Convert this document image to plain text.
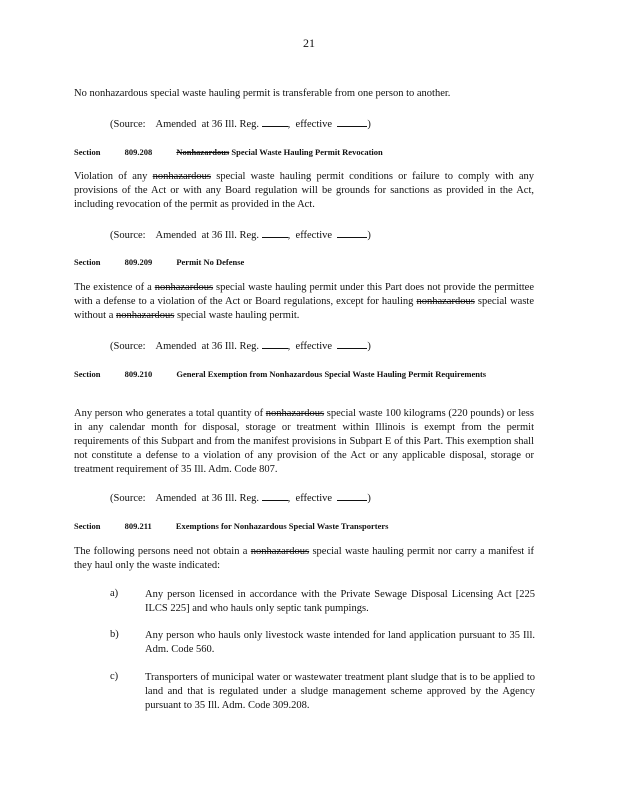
21
No nonhazardous special waste hauling permit is transferable from one person to another.
(Source: Amended at 36 Ill. Reg.	,  effective	)
Section	809.208	Nonhazardous Special Waste Hauling Permit Revocation
Violation of any nonhazardous special waste hauling permit conditions or failure to comply with any provisions of the Act or with any Board regulation will be grounds for sanctions as provided in the Act, including revocation of the permit as provided in the Act.
(Source: Amended at 36 Ill. Reg.	,  effective	)
Section	809.209	Permit No Defense
The existence of a nonhazardous special waste hauling permit under this Part does not provide the permittee with a defense to a violation of the Act or Board regulations, except for hauling nonhazardous special waste without a nonhazardous special waste hauling permit.
(Source: Amended at 36 Ill. Reg.	,  effective	)
Section	809.210	General Exemption from Nonhazardous Special Waste Hauling Permit Requirements
Any person who generates a total quantity of nonhazardous special waste 100 kilograms (220 pounds) or less in any calendar month for disposal, storage or treatment within Illinois is exempt from the permit requirements of this Subpart and from the manifest provisions in Subpart E of this Part. This exemption shall not constitute a defense to a violation of any provision of the Act or any applicable disposal, storage or treatment requirement of 35 Ill. Adm. Code 807.
(Source: Amended at 36 Ill. Reg.	,  effective	)
Section	809.211	Exemptions for Nonhazardous Special Waste Transporters
The following persons need not obtain a nonhazardous special waste hauling permit nor carry a manifest if they haul only the waste indicated:
a)	Any person licensed in accordance with the Private Sewage Disposal Licensing Act [225 ILCS 225] and who hauls only septic tank pumpings.
b)	Any person who hauls only livestock waste intended for land application pursuant to 35 Ill. Adm. Code 560.
c)	Transporters of municipal water or wastewater treatment plant sludge that is to be applied to land and that is regulated under a sludge management scheme approved by the Agency pursuant to 35 Ill. Adm. Code 309.208.
